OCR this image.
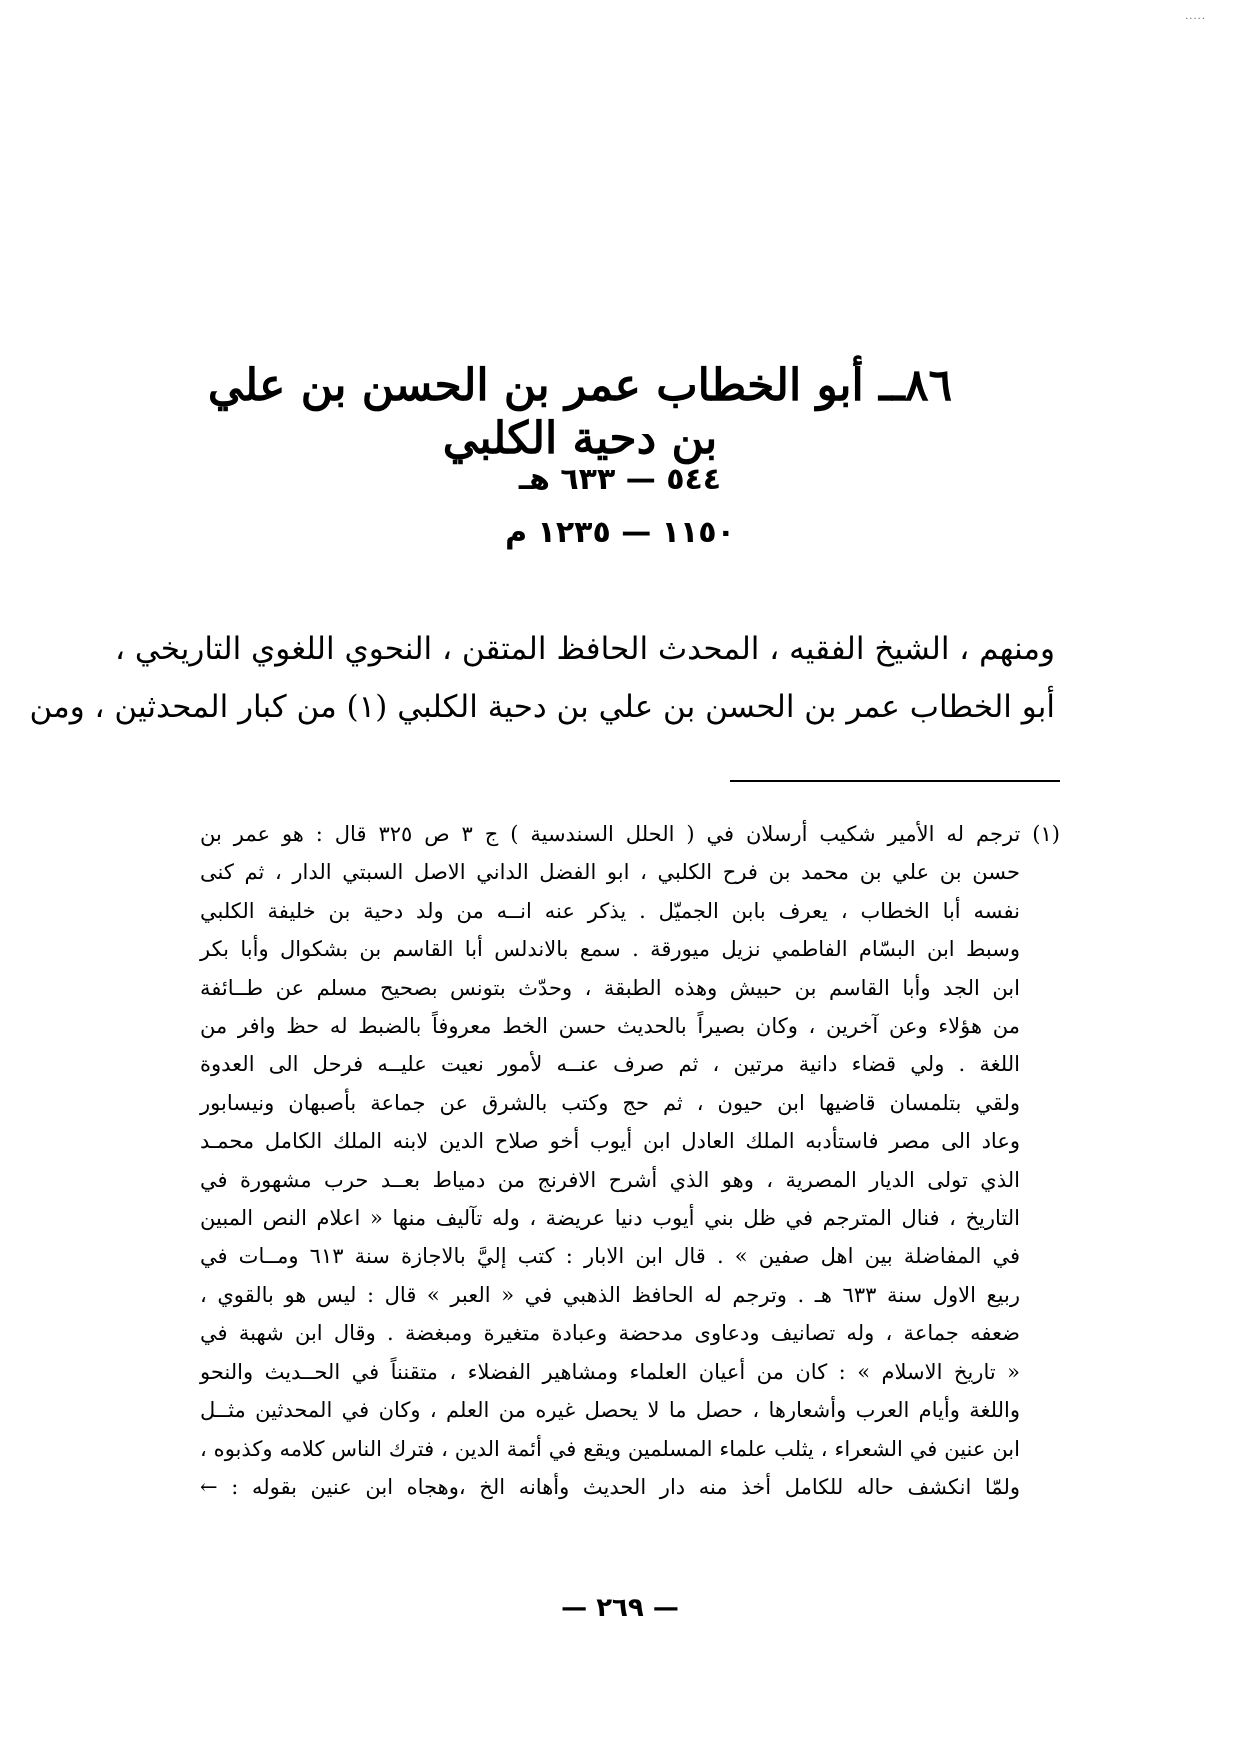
·····
٨٦ــ أبو الخطاب عمر بن الحسن بن علي بن دحية الكلبي
٥٤٤ — ٦٣٣ هـ
١١٥٠ — ١٢٣٥ م

ومنهم ، الشيخ الفقيه ، المحدث الحافظ المتقن ، النحوي اللغوي التاريخي ،

أبو الخطاب عمر بن الحسن بن علي بن دحية الكلبي (١) من كبار المحدثين ، ومن

(١) ترجم له الأمير شكيب أرسلان في ( الحلل السندسية ) ج ٣ ص ٣٢٥ قال : هو عمر بن

حسن بن علي بن محمد بن فرح الكلبي ، ابو الفضل الداني الاصل السبتي الدار ، ثم كنى

نفسه أبا الخطاب ، يعرف بابن الجميّل . يذكر عنه انــه من ولد دحية بن خليفة الكلبي

وسبط ابن البسّام الفاطمي نزيل ميورقة . سمع بالاندلس أبا القاسم بن بشكوال وأبا بكر

ابن الجد وأبا القاسم بن حبيش وهذه الطبقة ، وحدّث بتونس بصحيح مسلم عن طــائفة

من هؤلاء وعن آخرين ، وكان بصيراً بالحديث حسن الخط معروفاً بالضبط له حظ وافر من

اللغة . ولي قضاء دانية مرتين ، ثم صرف عنــه لأمور نعيت عليــه فرحل الى العدوة

ولقي بتلمسان قاضيها ابن حيون ، ثم حج وكتب بالشرق عن جماعة بأصبهان ونيسابور

وعاد الى مصر فاستأدبه الملك العادل ابن أيوب أخو صلاح الدين لابنه الملك الكامل محمـد

الذي تولى الديار المصرية ، وهو الذي أشرح الافرنج من دمياط بعــد حرب مشهورة في

التاريخ ، فنال المترجم في ظل بني أيوب دنيا عريضة ، وله تآليف منها « اعلام النص المبين

في المفاضلة بين اهل صفين » . قال ابن الابار : كتب إليَّ بالاجازة سنة ٦١٣ ومــات في

ربيع الاول سنة ٦٣٣ هـ . وترجم له الحافظ الذهبي في « العبر » قال : ليس هو بالقوي ،

ضعفه جماعة ، وله تصانيف ودعاوى مدحضة وعبادة متغيرة ومبغضة . وقال ابن شهبة في

« تاريخ الاسلام » : كان من أعيان العلماء ومشاهير الفضلاء ، متقنناً في الحــديث والنحو

واللغة وأيام العرب وأشعارها ، حصل ما لا يحصل غيره من العلم ، وكان في المحدثين مثــل

ابن عنين في الشعراء ، يثلب علماء المسلمين ويقع في أئمة الدين ، فترك الناس كلامه وكذبوه ،

ولمّا انكشف حاله للكامل أخذ منه دار الحديث وأهانه الخ ،وهجاه ابن عنين بقوله : ←

— ٢٦٩ —
